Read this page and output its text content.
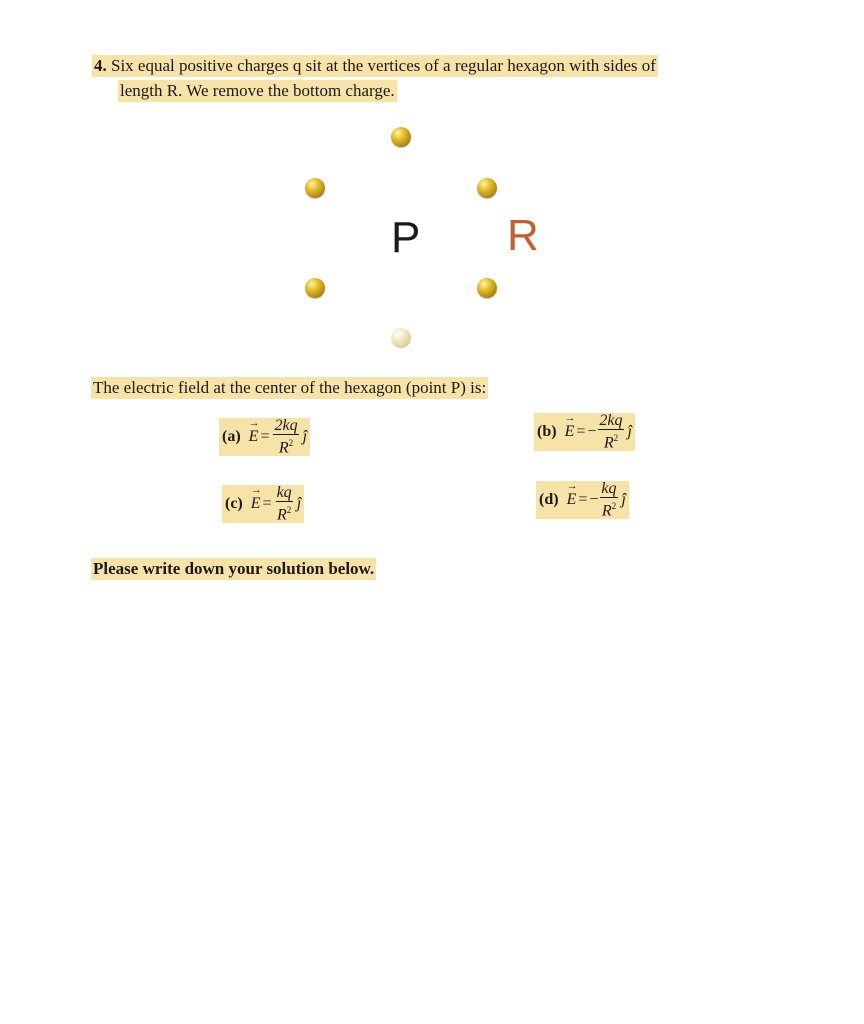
4. Six equal positive charges q sit at the vertices of a regular hexagon with sides of
length R. We remove the bottom charge.
P R
The electric field at the center of the hexagon (point P) is:
(a)
→ $E = \frac{2kq}{R^2}$ ĵ	(b)
→ E = − $\frac{2kq}{R^2}$ ĵ
(c)
→ $E = \frac{kq}{R^2}$ ĵ	(d)
→ E = − $\frac{kq}{R^2}$ ĵ
Please write down your solution below.
